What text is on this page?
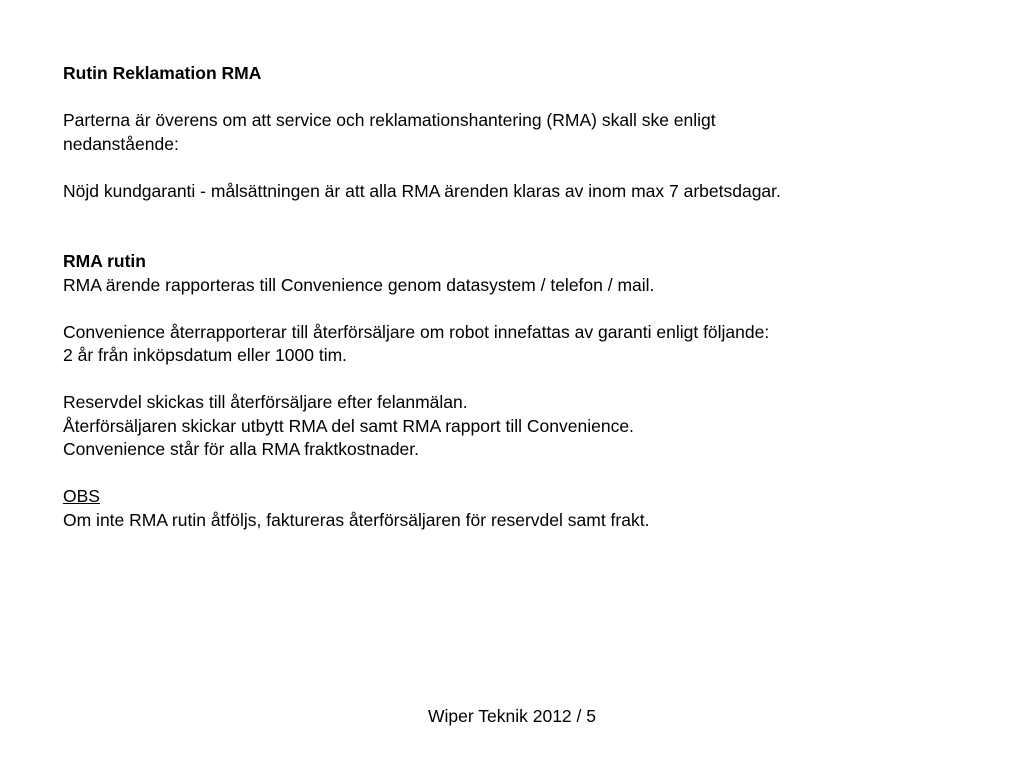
Rutin Reklamation RMA
Parterna är överens om att service och reklamationshantering (RMA) skall ske enligt
nedanstående:
Nöjd kundgaranti - målsättningen är att alla RMA ärenden klaras av inom max 7 arbetsdagar.
RMA rutin
RMA ärende rapporteras till Convenience genom datasystem / telefon / mail.
Convenience återrapporterar till återförsäljare om robot innefattas av garanti enligt följande:
2 år från inköpsdatum eller 1000 tim.
Reservdel skickas till återförsäljare efter felanmälan.
Återförsäljaren skickar utbytt RMA del samt RMA rapport till Convenience.
Convenience står för alla RMA fraktkostnader.
OBS
Om inte RMA rutin åtföljs, faktureras återförsäljaren för reservdel samt frakt.
Wiper Teknik 2012 / 5
